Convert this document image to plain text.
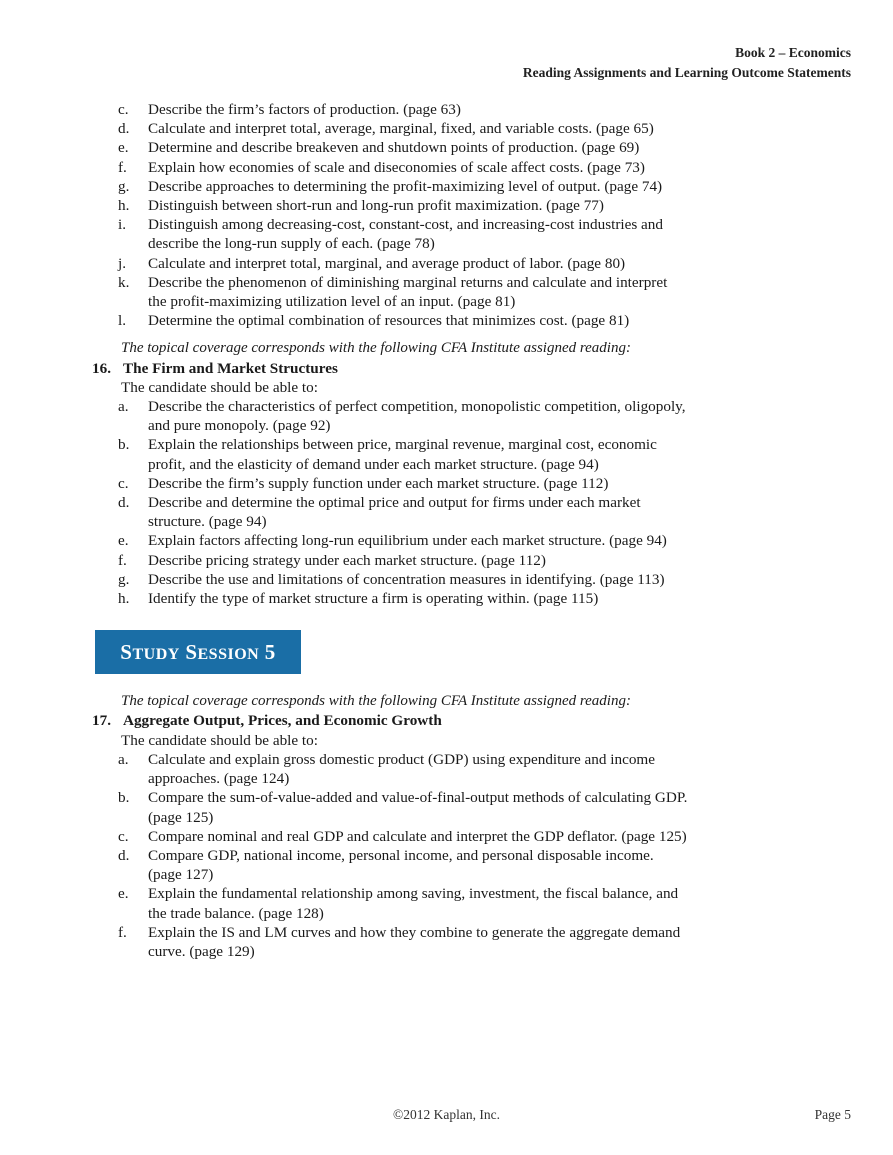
Book 2 – Economics
Reading Assignments and Learning Outcome Statements
c. Describe the firm’s factors of production. (page 63)
d. Calculate and interpret total, average, marginal, fixed, and variable costs. (page 65)
e. Determine and describe breakeven and shutdown points of production. (page 69)
f. Explain how economies of scale and diseconomies of scale affect costs. (page 73)
g. Describe approaches to determining the profit-maximizing level of output. (page 74)
h. Distinguish between short-run and long-run profit maximization. (page 77)
i. Distinguish among decreasing-cost, constant-cost, and increasing-cost industries and describe the long-run supply of each. (page 78)
j. Calculate and interpret total, marginal, and average product of labor. (page 80)
k. Describe the phenomenon of diminishing marginal returns and calculate and interpret the profit-maximizing utilization level of an input. (page 81)
l. Determine the optimal combination of resources that minimizes cost. (page 81)
The topical coverage corresponds with the following CFA Institute assigned reading:
16. The Firm and Market Structures
The candidate should be able to:
a. Describe the characteristics of perfect competition, monopolistic competition, oligopoly, and pure monopoly. (page 92)
b. Explain the relationships between price, marginal revenue, marginal cost, economic profit, and the elasticity of demand under each market structure. (page 94)
c. Describe the firm’s supply function under each market structure. (page 112)
d. Describe and determine the optimal price and output for firms under each market structure. (page 94)
e. Explain factors affecting long-run equilibrium under each market structure. (page 94)
f. Describe pricing strategy under each market structure. (page 112)
g. Describe the use and limitations of concentration measures in identifying. (page 113)
h. Identify the type of market structure a firm is operating within. (page 115)
STUDY SESSION 5
The topical coverage corresponds with the following CFA Institute assigned reading:
17. Aggregate Output, Prices, and Economic Growth
The candidate should be able to:
a. Calculate and explain gross domestic product (GDP) using expenditure and income approaches. (page 124)
b. Compare the sum-of-value-added and value-of-final-output methods of calculating GDP. (page 125)
c. Compare nominal and real GDP and calculate and interpret the GDP deflator. (page 125)
d. Compare GDP, national income, personal income, and personal disposable income. (page 127)
e. Explain the fundamental relationship among saving, investment, the fiscal balance, and the trade balance. (page 128)
f. Explain the IS and LM curves and how they combine to generate the aggregate demand curve. (page 129)
©2012 Kaplan, Inc.	Page 5
